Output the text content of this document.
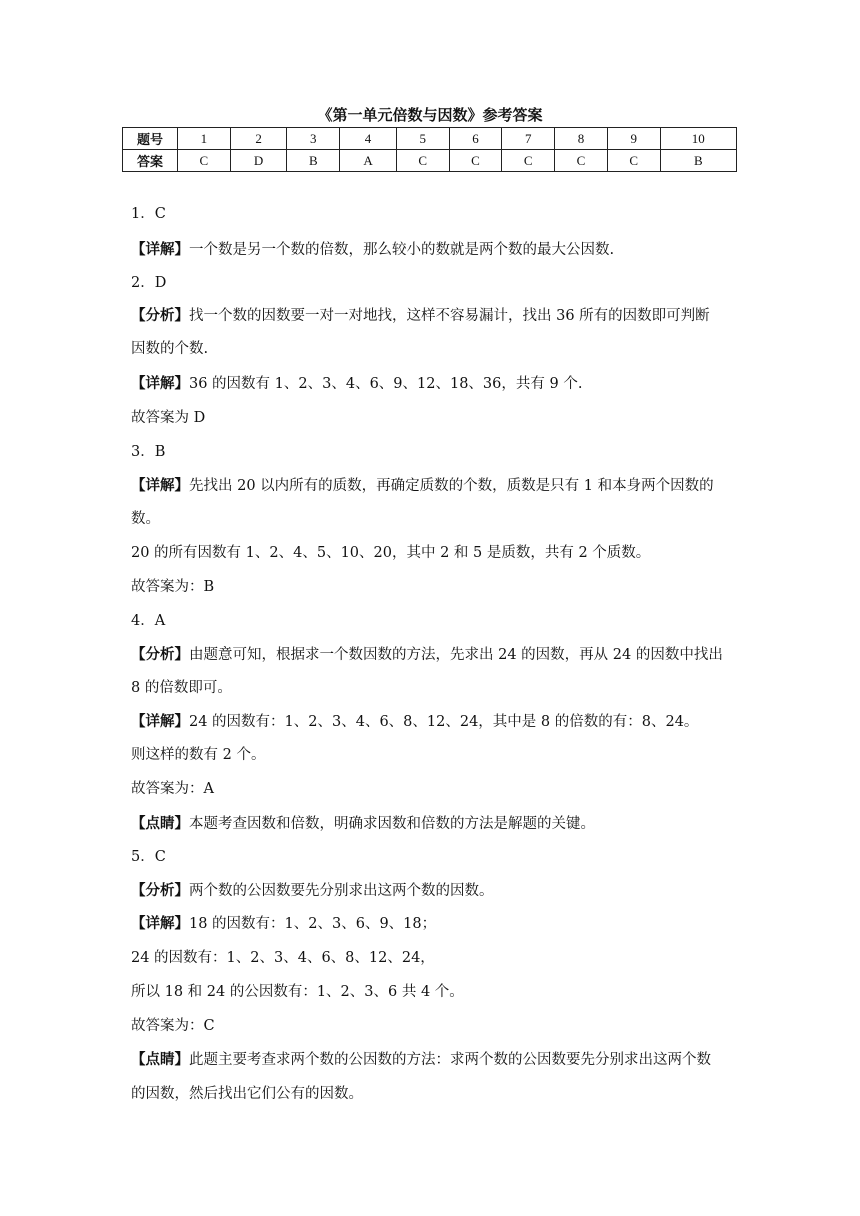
《第一单元倍数与因数》参考答案
题号	1	2	3	4	5	6	7	8	9	10
答案	C	D	B	A	C	C	C	C	C	B
1．C
【详解】一个数是另一个数的倍数，那么较小的数就是两个数的最大公因数.
2．D
【分析】找一个数的因数要一对一对地找，这样不容易漏计，找出 36 所有的因数即可判断
因数的个数.
【详解】36 的因数有 1、2、3、4、6、9、12、18、36，共有 9 个.
故答案为 D
3．B
【详解】先找出 20 以内所有的质数，再确定质数的个数，质数是只有 1 和本身两个因数的
数。
20 的所有因数有 1、2、4、5、10、20，其中 2 和 5 是质数，共有 2 个质数。
故答案为：B
4．A
【分析】由题意可知，根据求一个数因数的方法，先求出 24 的因数，再从 24 的因数中找出
8 的倍数即可。
【详解】24 的因数有：1、2、3、4、6、8、12、24，其中是 8 的倍数的有：8、24。
则这样的数有 2 个。
故答案为：A
【点睛】本题考查因数和倍数，明确求因数和倍数的方法是解题的关键。
5．C
【分析】两个数的公因数要先分别求出这两个数的因数。
【详解】18 的因数有：1、2、3、6、9、18；
24 的因数有：1、2、3、4、6、8、12、24，
所以 18 和 24 的公因数有：1、2、3、6 共 4 个。
故答案为：C
【点睛】此题主要考查求两个数的公因数的方法：求两个数的公因数要先分别求出这两个数
的因数，然后找出它们公有的因数。
